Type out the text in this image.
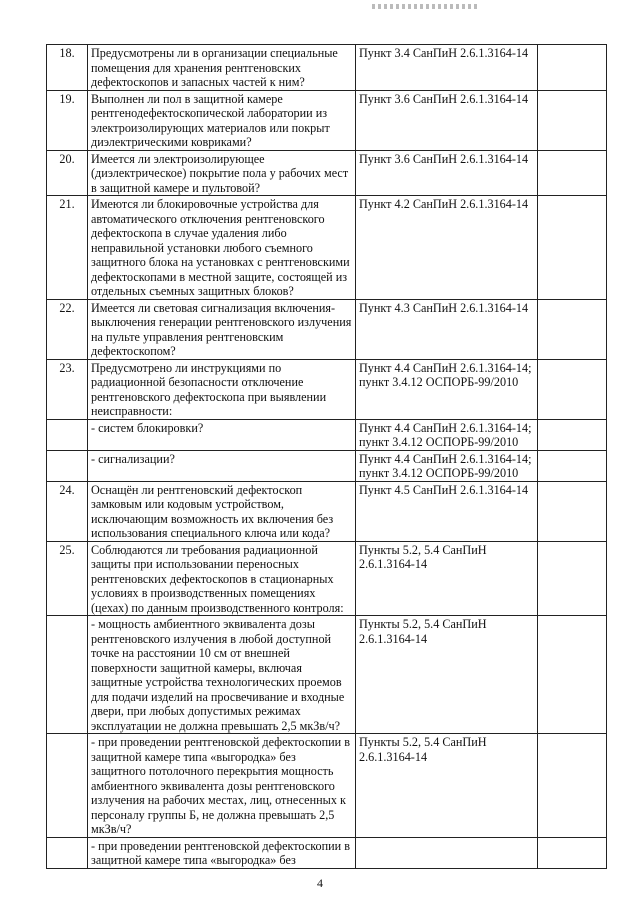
18.	Предусмотрены ли в организации специальные помещения для хранения рентгеновских дефектоскопов и запасных частей к ним?	Пункт 3.4 СанПиН 2.6.1.3164-14	
19.	Выполнен ли пол в защитной камере рентгенодефектоскопической лаборатории из электроизолирующих материалов или покрыт диэлектрическими ковриками?	Пункт 3.6 СанПиН 2.6.1.3164-14	
20.	Имеется ли электроизолирующее (диэлектрическое) покрытие пола у рабочих мест в защитной камере и пультовой?	Пункт 3.6 СанПиН 2.6.1.3164-14	
21.	Имеются ли блокировочные устройства для автоматического отключения рентгеновского дефектоскопа в случае удаления либо неправильной установки любого съемного защитного блока на установках с рентгеновскими дефектоскопами в местной защите, состоящей из отдельных съемных защитных блоков?	Пункт 4.2 СанПиН 2.6.1.3164-14	
22.	Имеется ли световая сигнализация включения-выключения генерации рентгеновского излучения на пульте управления рентгеновским дефектоскопом?	Пункт 4.3 СанПиН 2.6.1.3164-14	
23.	Предусмотрено ли инструкциями по радиационной безопасности отключение рентгеновского дефектоскопа при выявлении неисправности:	Пункт 4.4 СанПиН 2.6.1.3164-14; пункт 3.4.12 ОСПОРБ-99/2010	
	- систем блокировки?	Пункт 4.4 СанПиН 2.6.1.3164-14; пункт 3.4.12 ОСПОРБ-99/2010	
	- сигнализации?	Пункт 4.4 СанПиН 2.6.1.3164-14; пункт 3.4.12 ОСПОРБ-99/2010	
24.	Оснащён ли рентгеновский дефектоскоп замковым или кодовым устройством, исключающим возможность их включения без использования специального ключа или кода?	Пункт 4.5 СанПиН 2.6.1.3164-14	
25.	Соблюдаются ли требования радиационной защиты при использовании переносных рентгеновских дефектоскопов в стационарных условиях в производственных помещениях (цехах) по данным производственного контроля:	Пункты 5.2, 5.4 СанПиН 2.6.1.3164-14	
	- мощность амбиентного эквивалента дозы рентгеновского излучения в любой доступной точке на расстоянии 10 см от внешней поверхности защитной камеры, включая защитные устройства технологических проемов для подачи изделий на просвечивание и входные двери, при любых допустимых режимах эксплуатации не должна превышать 2,5 мкЗв/ч?	Пункты 5.2, 5.4 СанПиН 2.6.1.3164-14	
	- при проведении рентгеновской дефектоскопии в защитной камере типа «выгородка» без защитного потолочного перекрытия мощность амбиентного эквивалента дозы рентгеновского излучения на рабочих местах, лиц, отнесенных к персоналу группы Б, не должна превышать 2,5 мкЗв/ч?	Пункты 5.2, 5.4 СанПиН 2.6.1.3164-14	
	- при проведении рентгеновской дефектоскопии в защитной камере типа «выгородка» без		
4
